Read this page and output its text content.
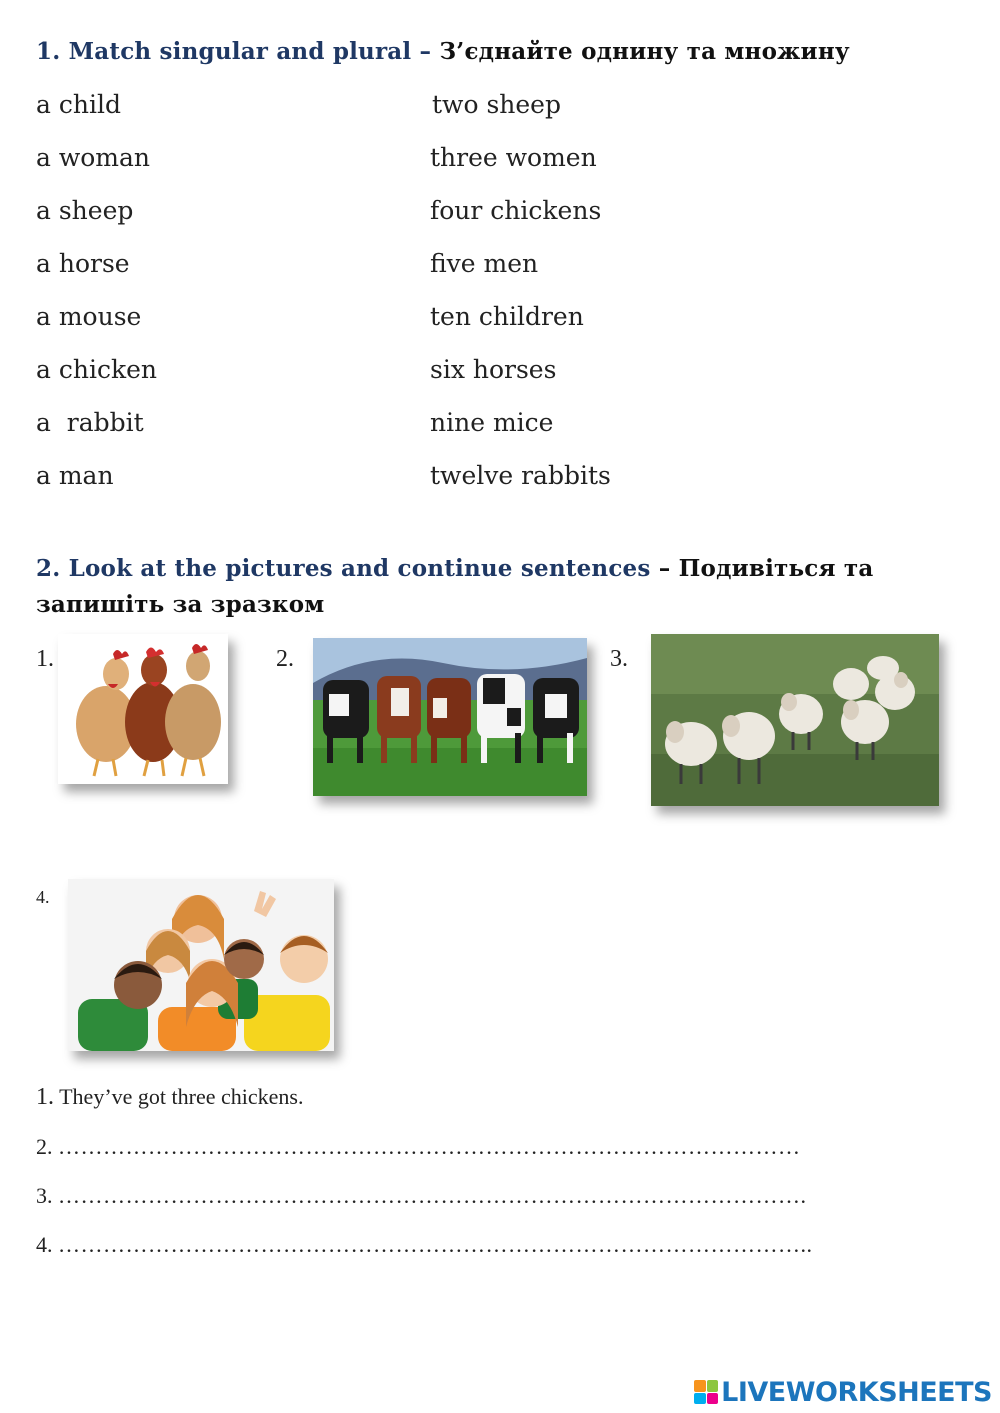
1. Match singular and plural – З’єднайте однину та множину
a child
a woman
a sheep
a horse
a mouse
a chicken
a  rabbit
a man
two sheep
three women
four chickens
five men
ten children
six horses
nine mice
twelve rabbits
2. Look at the pictures and continue sentences – Подивіться та
запишіть за зразком
1.	2.	3.
4.
1. They’ve got three chickens.
2. ………………………………………………………………………………………
3. ……………………………………………………………………………………….
4. ………………………………………………………………………………………..
LIVEWORKSHEETS
